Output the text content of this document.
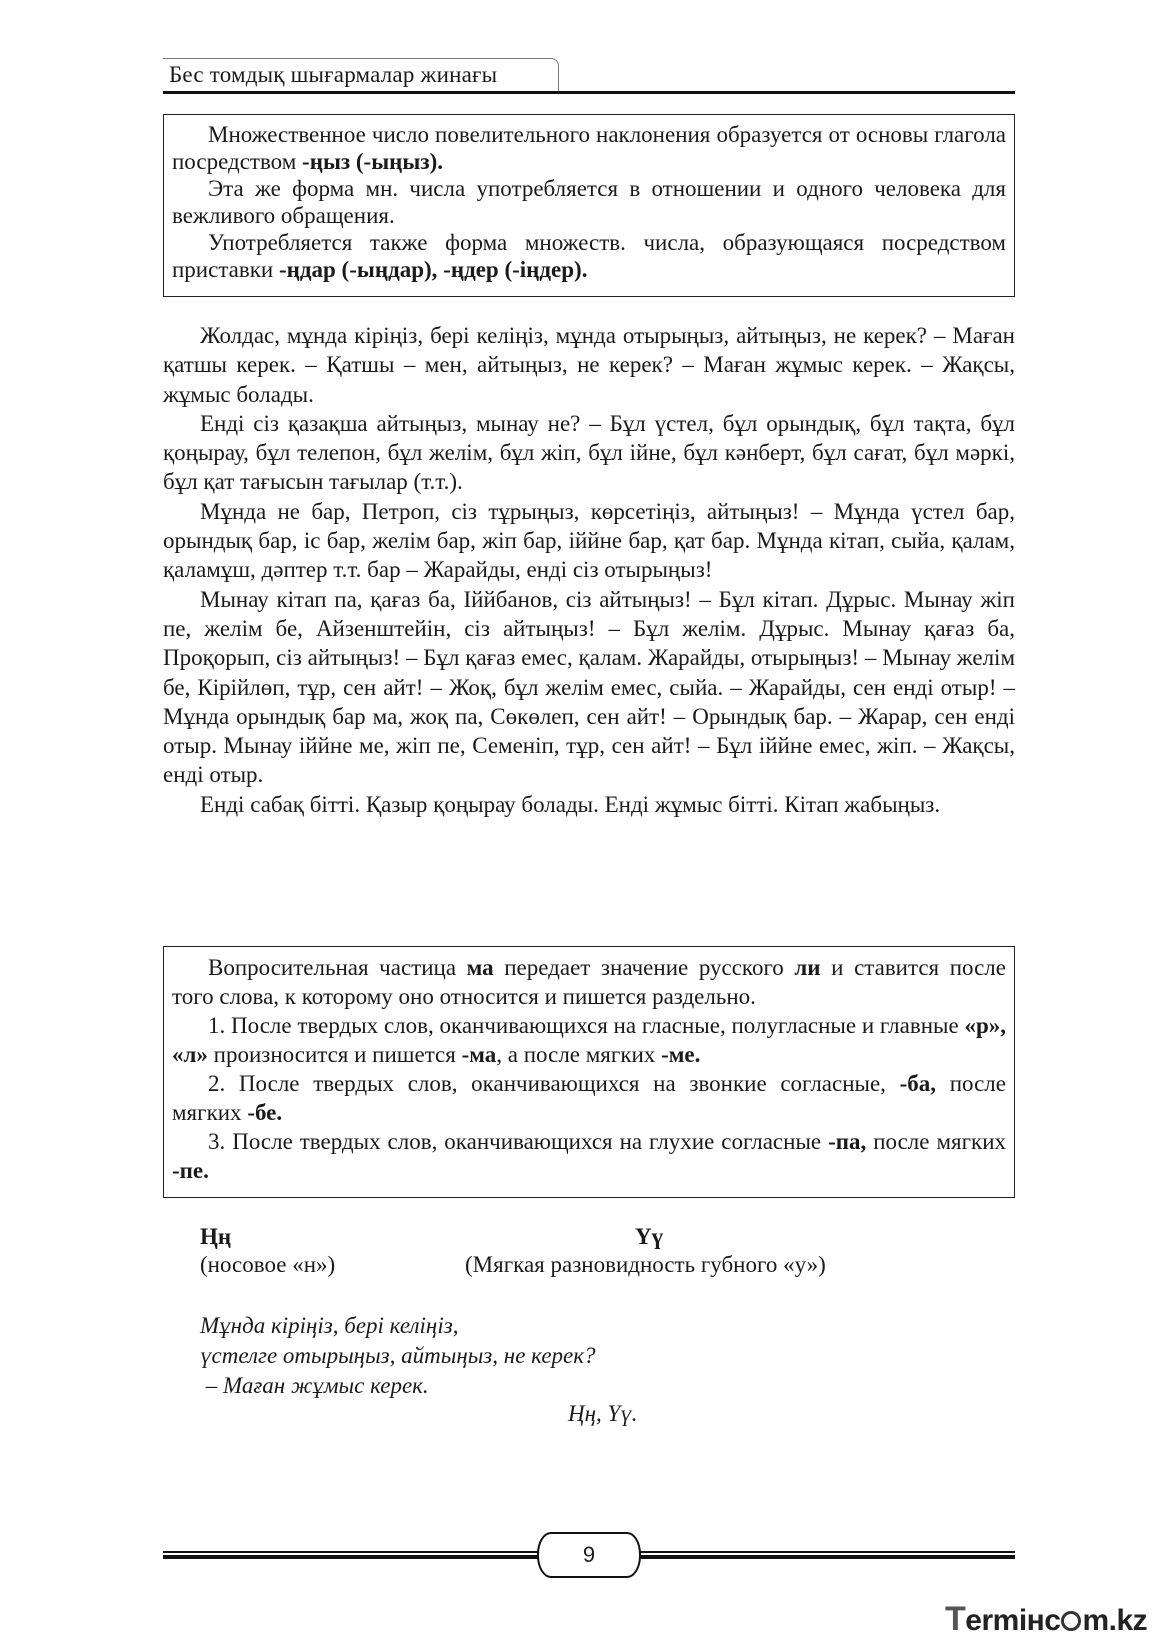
Бес томдық шығармалар жинағы

Множественное число повелительного наклонения образуется от основы глагола посредством -ңыз (-ыңыз).

Эта же форма мн. числа употребляется в отношении и одного человека для вежливого обращения.

Употребляется также форма множеств. числа, образующаяся посредством приставки -ңдар (-ыңдар), -ңдер (-іңдер).

Жолдас, мұнда кіріңіз, бері келіңіз, мұнда отырыңыз, айтыңыз, не керек? – Маған қатшы керек. – Қатшы – мен, айтыңыз, не керек? – Маған жұмыс керек. – Жақсы, жұмыс болады.

Енді сіз қазақша айтыңыз, мынау не? – Бұл үстел, бұл орындық, бұл тақта, бұл қоңырау, бұл телепон, бұл желім, бұл жіп, бұл ійне, бұл кәнберт, бұл сағат, бұл мәркі, бұл қат тағысын тағылар (т.т.).

Мұнда не бар, Петроп, сіз тұрыңыз, көрсетіңіз, айтыңыз! – Мұнда үстел бар, орындық бар, іс бар, желім бар, жіп бар, іййне бар, қат бар. Мұнда кітап, сыйа, қалам, қаламұш, дәптер т.т. бар – Жарайды, енді сіз отырыңыз!

Мынау кітап па, қағаз ба, Іййбанов, сіз айтыңыз! – Бұл кітап. Дұрыс. Мынау жіп пе, желім бе, Айзенштейін, сіз айтыңыз! – Бұл желім. Дұрыс. Мынау қағаз ба, Проқорып, сіз айтыңыз! – Бұл қағаз емес, қалам. Жарайды, отырыңыз! – Мынау желім бе, Кірійлөп, тұр, сен айт! – Жоқ, бұл желім емес, сыйа. – Жарайды, сен енді отыр! – Мұнда орындық бар ма, жоқ па, Сөкөлеп, сен айт! – Орындық бар. – Жарар, сен енді отыр. Мынау іййне ме, жіп пе, Семеніп, тұр, сен айт! – Бұл іййне емес, жіп. – Жақсы, енді отыр.

Енді сабақ бітті. Қазыр қоңырау болады. Енді жұмыс бітті. Кітап жабыңыз.

Вопросительная частица ма передает значение русского ли и ставится после того слова, к которому оно относится и пишется раздельно.

1. После твердых слов, оканчивающихся на гласные, полугласные и главные «р», «л» произносится и пишется -ма, а после мягких -ме.

2. После твердых слов, оканчивающихся на звонкие согласные, -ба, после мягких -бе.

3. После твердых слов, оканчивающихся на глухие согласные -па, после мягких -пе.

Ңң
(носовое «н»)
Үү
(Мягкая разновидность губного «у»)
Мұнда кіріңіз, бері келіңіз,
үстелге отырыңыз, айтыңыз, не керек?
– Маған жұмыс керек.
Ңң, Үү.
9
Termінc m.kz
